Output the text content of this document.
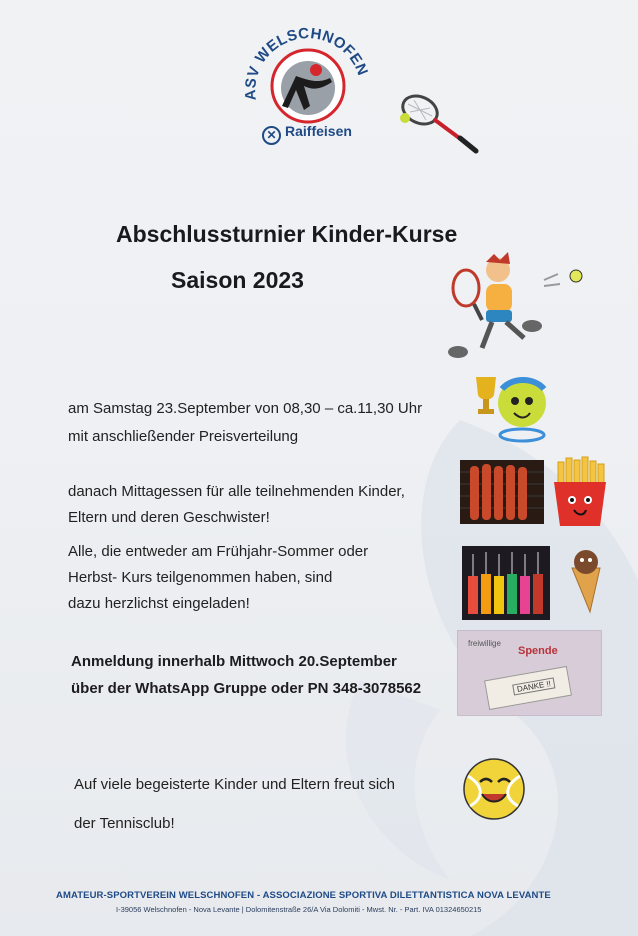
ASV WELSCHNOFEN
✕ Raiffeisen
Abschlussturnier Kinder-Kurse
Saison 2023
freiwillige
Spende
DANKE !!
am Samstag 23.September von 08,30 – ca.11,30 Uhr
mit anschließender Preisverteilung
danach Mittagessen für alle teilnehmenden Kinder,
Eltern und deren Geschwister!
Alle, die entweder am Frühjahr-Sommer oder
Herbst- Kurs teilgenommen haben, sind
dazu herzlichst eingeladen!
Anmeldung innerhalb Mittwoch 20.September
über der WhatsApp Gruppe oder PN 348-3078562
Auf viele begeisterte Kinder und Eltern freut sich
der Tennisclub!
AMATEUR-SPORTVEREIN WELSCHNOFEN - ASSOCIAZIONE SPORTIVA DILETTANTISTICA NOVA LEVANTE
I-39056 Welschnofen - Nova Levante | Dolomitenstraße 26/A Via Dolomiti - Mwst. Nr. - Part. IVA 01324650215
